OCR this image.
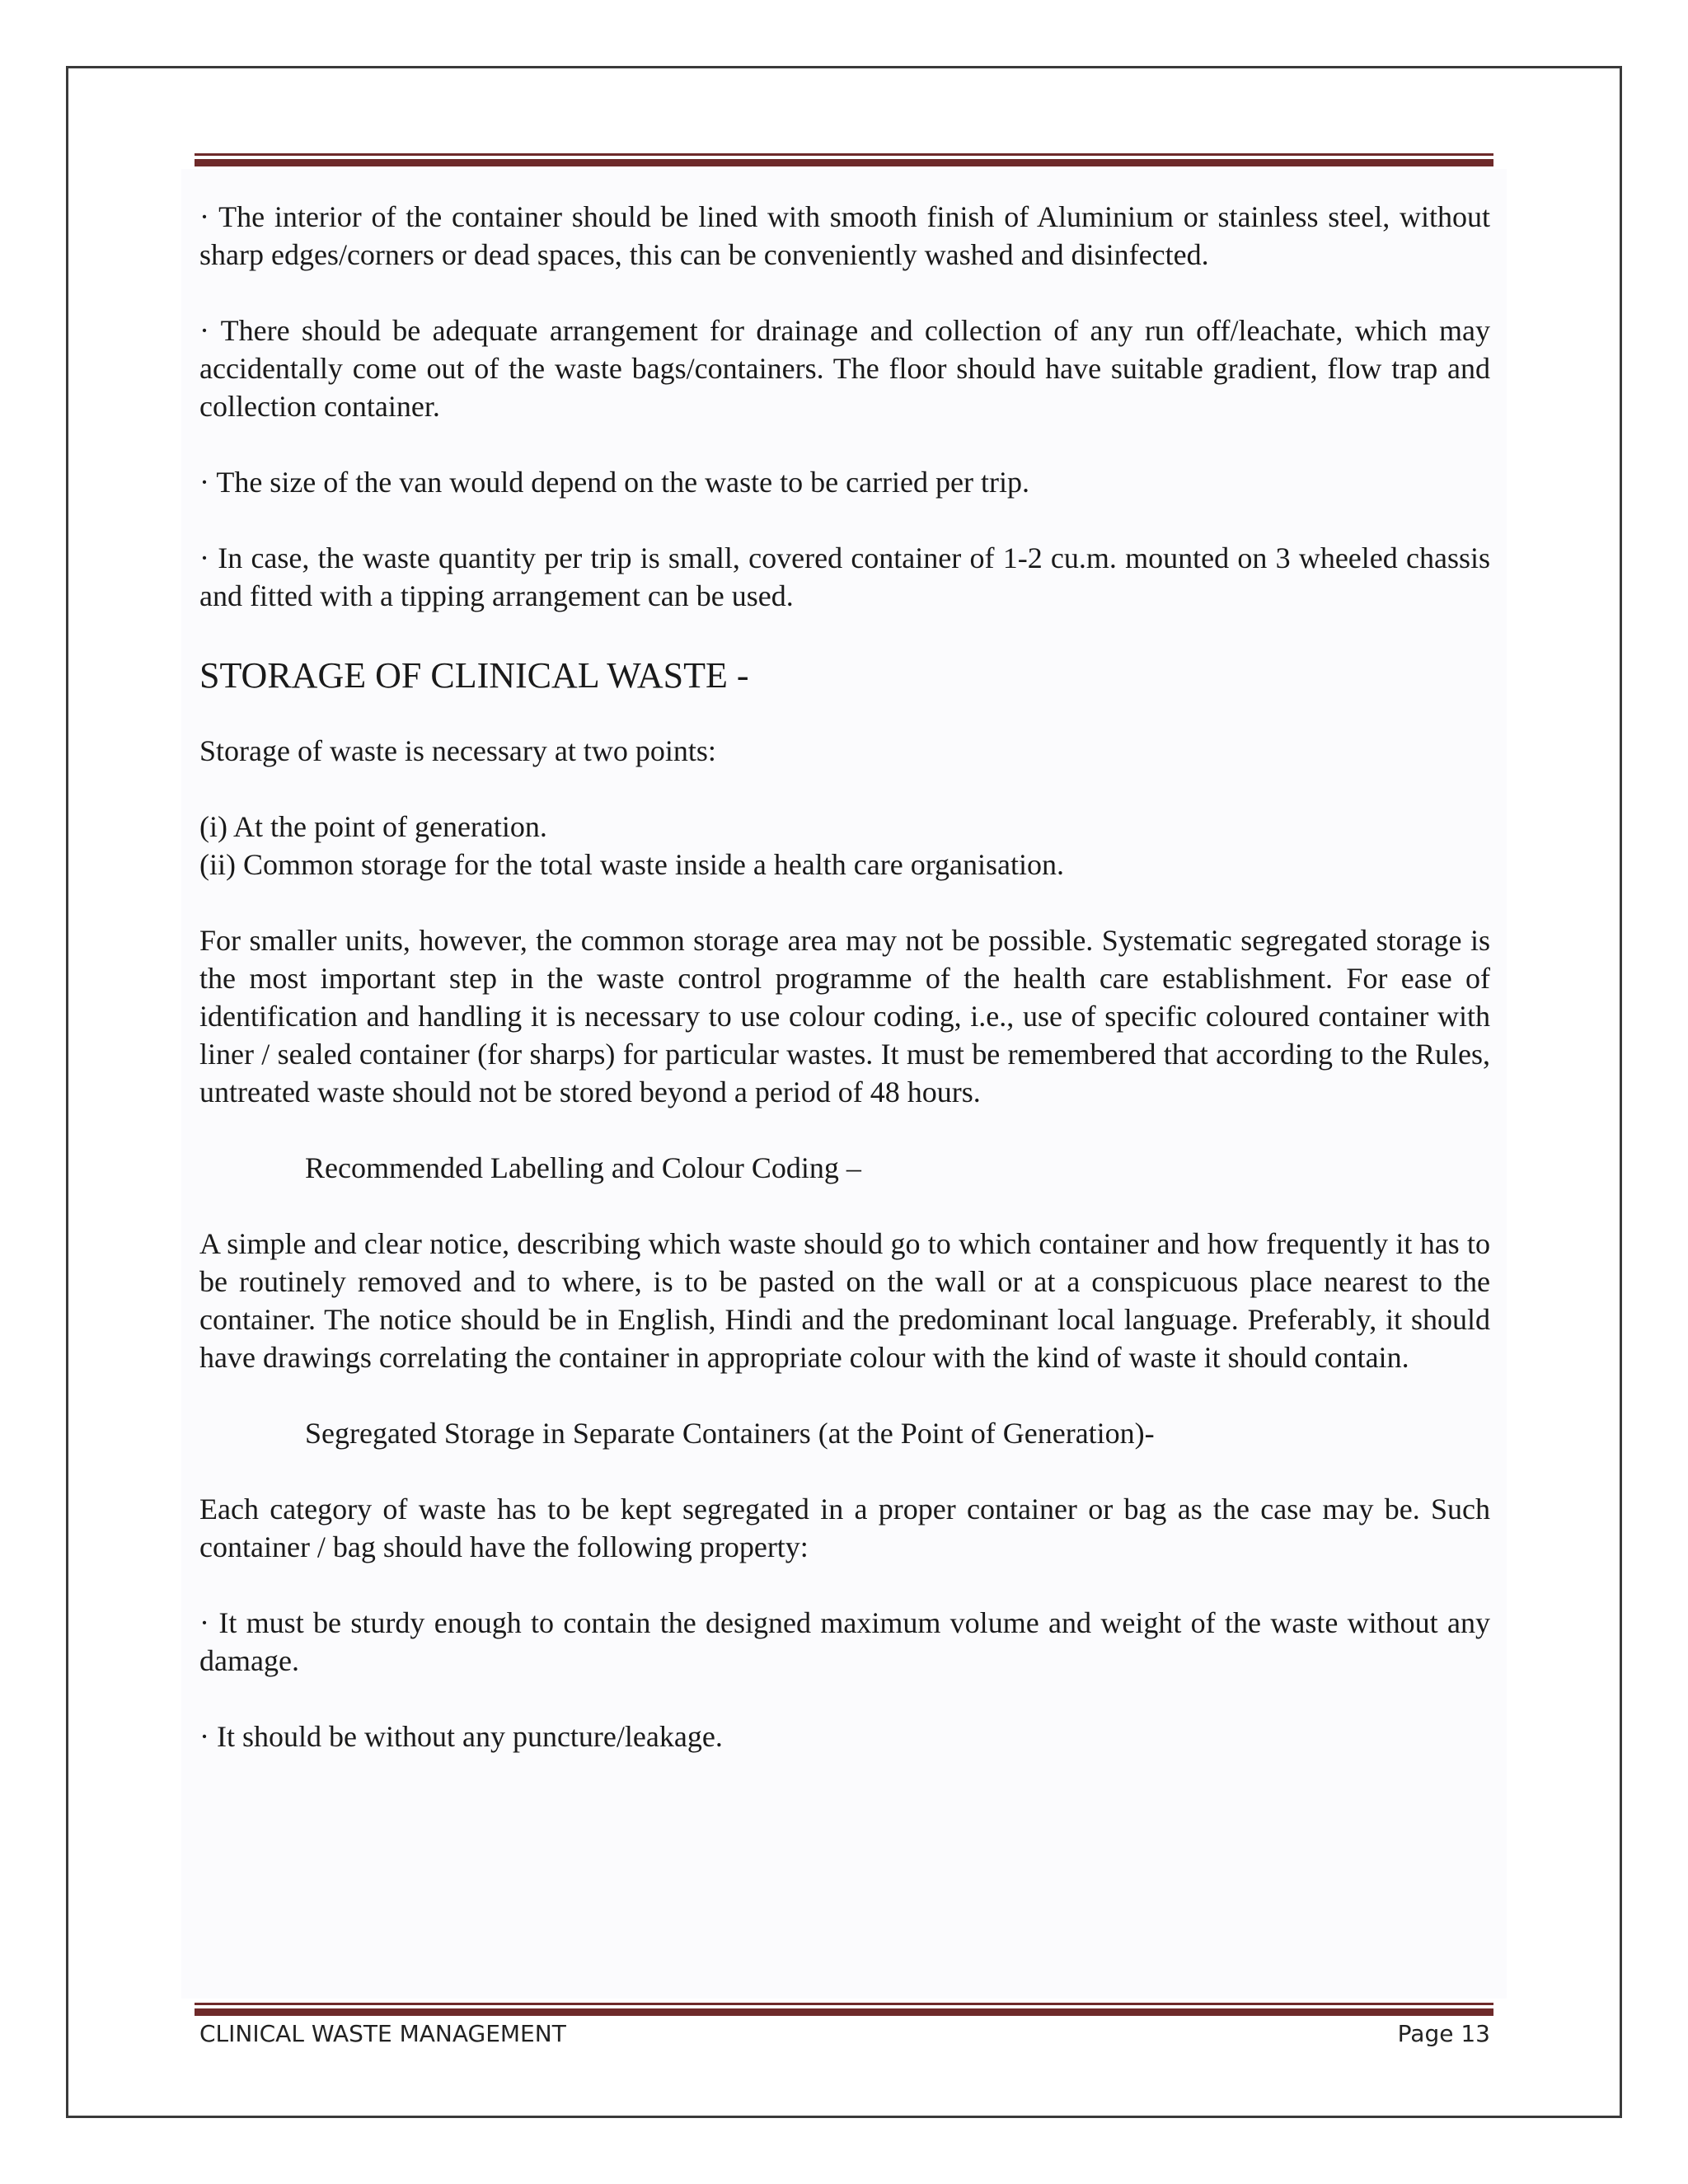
· The interior of the container should be lined with smooth finish of Aluminium or stainless steel, without sharp edges/corners or dead spaces, this can be conveniently washed and disinfected.

· There should be adequate arrangement for drainage and collection of any run off/leachate, which may accidentally come out of the waste bags/containers. The floor should have suitable gradient, flow trap and collection container.

· The size of the van would depend on the waste to be carried per trip.

· In case, the waste quantity per trip is small, covered container of 1-2 cu.m. mounted on 3 wheeled chassis and fitted with a tipping arrangement can be used.

STORAGE OF CLINICAL WASTE -

Storage of waste is necessary at two points:

(i) At the point of generation.
(ii) Common storage for the total waste inside a health care organisation.

For smaller units, however, the common storage area may not be possible. Systematic segregated storage is the most important step in the waste control programme of the health care establishment. For ease of identification and handling it is necessary to use colour coding, i.e., use of specific coloured container with liner / sealed container (for sharps) for particular wastes. It must be remembered that according to the Rules, untreated waste should not be stored beyond a period of 48 hours.

Recommended Labelling and Colour Coding –

A simple and clear notice, describing which waste should go to which container and how frequently it has to be routinely removed and to where, is to be pasted on the wall or at a conspicuous place nearest to the container. The notice should be in English, Hindi and the predominant local language. Preferably, it should have drawings correlating the container in appropriate colour with the kind of waste it should contain.

Segregated Storage in Separate Containers (at the Point of Generation)-

Each category of waste has to be kept segregated in a proper container or bag as the case may be. Such container / bag should have the following property:

· It must be sturdy enough to contain the designed maximum volume and weight of the waste without any damage.

· It should be without any puncture/leakage.

CLINICAL WASTE MANAGEMENT	Page 13
